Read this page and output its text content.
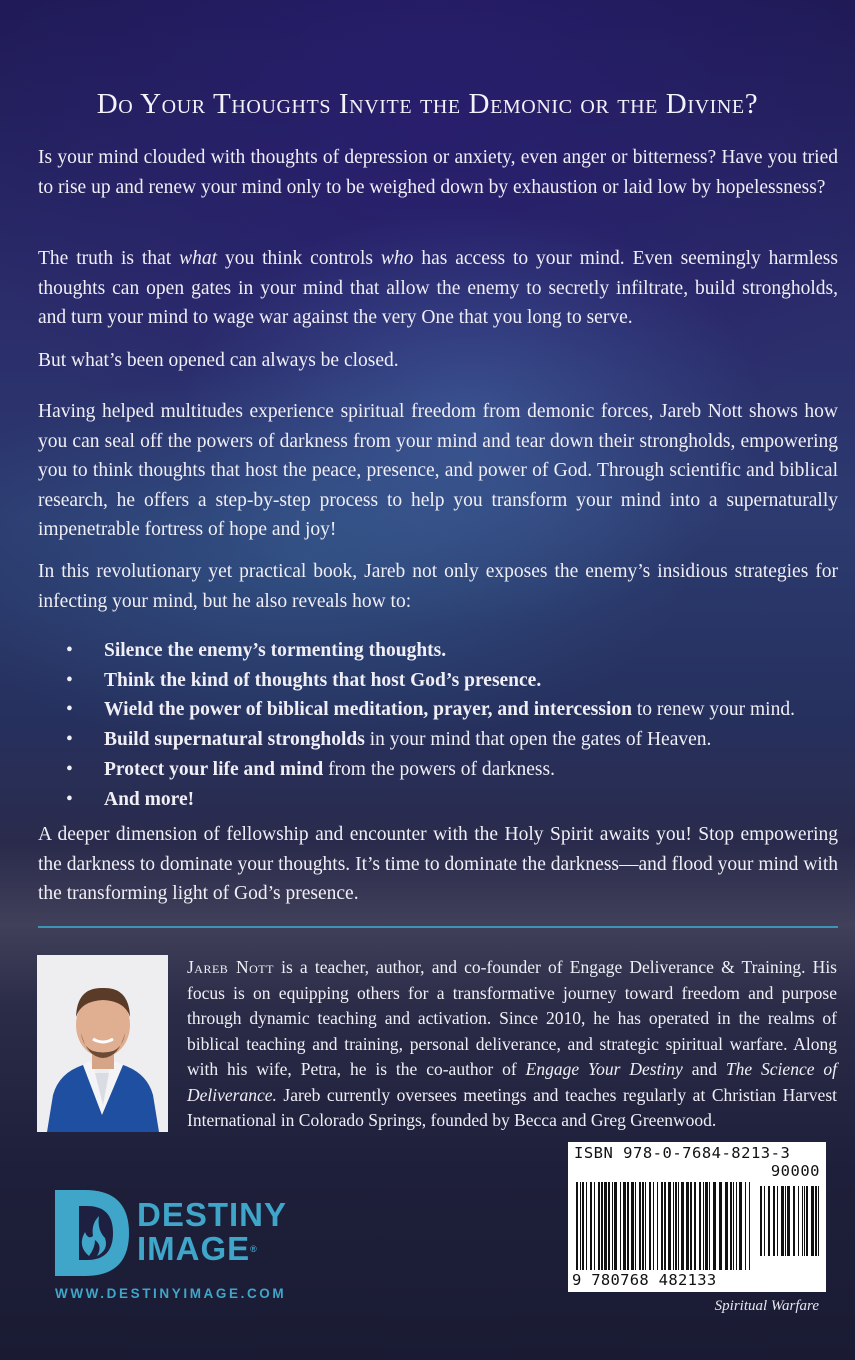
Do Your Thoughts Invite the Demonic or the Divine?

Is your mind clouded with thoughts of depression or anxiety, even anger or bitterness? Have you tried to rise up and renew your mind only to be weighed down by exhaustion or laid low by hopelessness?

The truth is that what you think controls who has access to your mind. Even seemingly harmless thoughts can open gates in your mind that allow the enemy to secretly infiltrate, build strongholds, and turn your mind to wage war against the very One that you long to serve.

But what’s been opened can always be closed.

Having helped multitudes experience spiritual freedom from demonic forces, Jareb Nott shows how you can seal off the powers of darkness from your mind and tear down their strongholds, empowering you to think thoughts that host the peace, presence, and power of God. Through scientific and biblical research, he offers a step-by-step process to help you transform your mind into a supernaturally impenetrable fortress of hope and joy!

In this revolutionary yet practical book, Jareb not only exposes the enemy’s insidious strategies for infecting your mind, but he also reveals how to:

• Silence the enemy’s tormenting thoughts.
• Think the kind of thoughts that host God’s presence.
• Wield the power of biblical meditation, prayer, and intercession to renew your mind.
• Build supernatural strongholds in your mind that open the gates of Heaven.
• Protect your life and mind from the powers of darkness.
• And more!

A deeper dimension of fellowship and encounter with the Holy Spirit awaits you! Stop empowering the darkness to dominate your thoughts. It’s time to dominate the darkness—and flood your mind with the transforming light of God’s presence.

Jareb Nott is a teacher, author, and co-founder of Engage Deliverance & Training. His focus is on equipping others for a transformative journey toward freedom and purpose through dynamic teaching and activation. Since 2010, he has operated in the realms of biblical teaching and training, personal deliverance, and strategic spiritual warfare. Along with his wife, Petra, he is the co-author of Engage Your Destiny and The Science of Deliverance. Jareb currently oversees meetings and teaches regularly at Christian Harvest International in Colorado Springs, founded by Becca and Greg Greenwood.

DESTINY
IMAGE®
WWW.DESTINYIMAGE.COM
ISBN 978-0-7684-8213-3
90000
9 780768 482133
Spiritual Warfare
